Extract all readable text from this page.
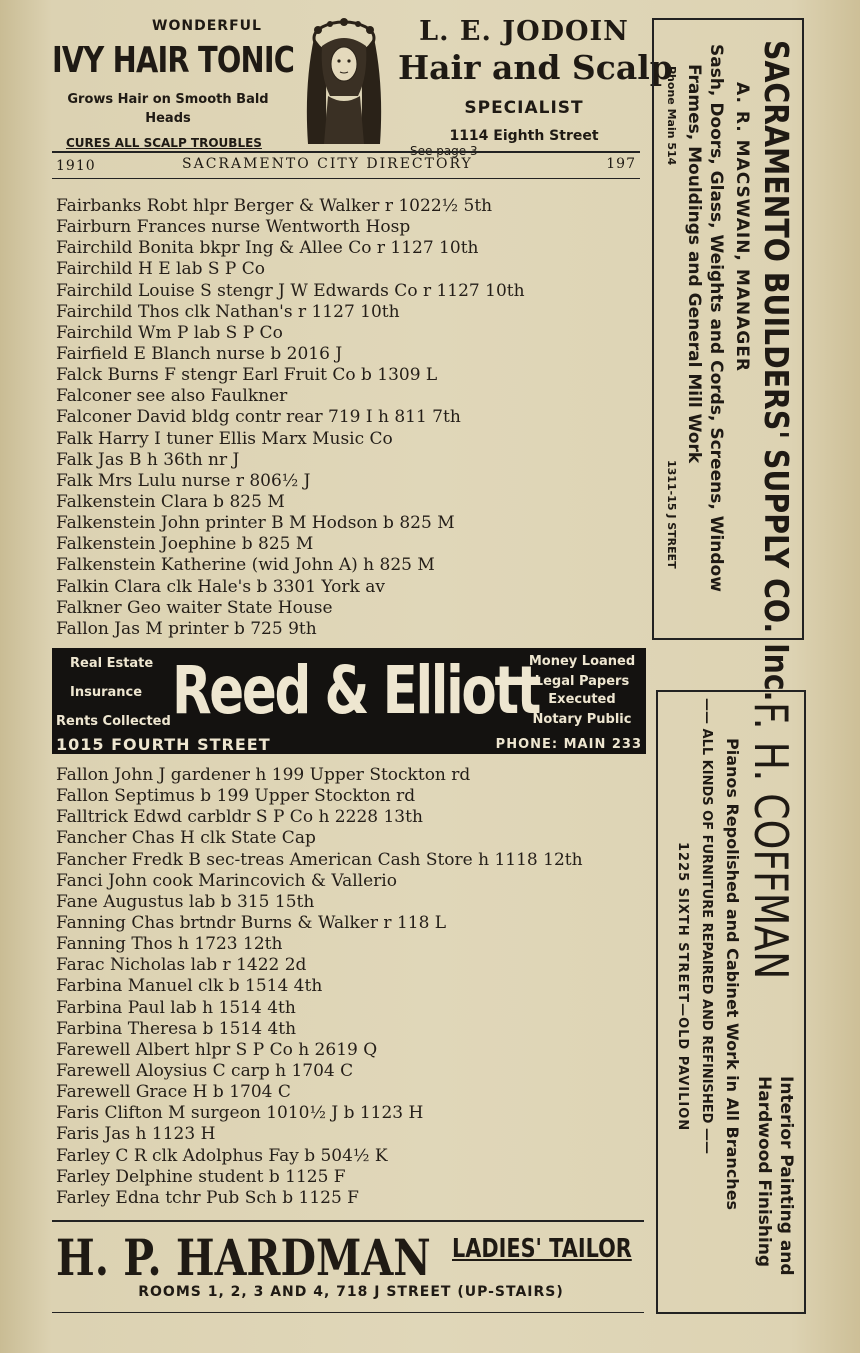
WONDERFUL
IVY HAIR TONIC
Grows Hair on Smooth Bald
Heads
CURES ALL SCALP TROUBLES
L. E. JODOIN
Hair and Scalp
SPECIALIST
1114 Eighth Street
1910	SACRAMENTO CITY DIRECTORY	197
Fairbanks Robt hlpr Berger & Walker r 1022½ 5th
Fairburn Frances nurse Wentworth Hosp
Fairchild Bonita bkpr Ing & Allee Co r 1127 10th
Fairchild H E lab S P Co
Fairchild Louise S stengr J W Edwards Co r 1127 10th
Fairchild Thos clk Nathan's r 1127 10th
Fairchild Wm P lab S P Co
Fairfield E Blanch nurse b 2016 J
Falck Burns F stengr Earl Fruit Co b 1309 L
Falconer see also Faulkner
Falconer David bldg contr rear 719 I h 811 7th
Falk Harry I tuner Ellis Marx Music Co
Falk Jas B h 36th nr J
Falk Mrs Lulu nurse r 806½ J
Falkenstein Clara b 825 M
Falkenstein John printer B M Hodson b 825 M
Falkenstein Joephine b 825 M
Falkenstein Katherine (wid John A) h 825 M
Falkin Clara clk Hale's b 3301 York av
Falkner Geo waiter State House
Fallon Jas M printer b 725 9th
Real Estate
Insurance
Rents Collected Reed & Elliott
Money Loaned
Legal Papers
Executed
Notary Public
1015 FOURTH STREET	PHONE: MAIN 233
Fallon John J gardener h 199 Upper Stockton rd
Fallon Septimus b 199 Upper Stockton rd
Falltrick Edwd carbldr S P Co h 2228 13th
Fancher Chas H clk State Cap
Fancher Fredk B sec-treas American Cash Store h 1118 12th
Fanci John cook Marincovich & Vallerio
Fane Augustus lab b 315 15th
Fanning Chas brtndr Burns & Walker r 118 L
Fanning Thos h 1723 12th
Farac Nicholas lab r 1422 2d
Farbina Manuel clk b 1514 4th
Farbina Paul lab h 1514 4th
Farbina Theresa b 1514 4th
Farewell Albert hlpr S P Co h 2619 Q
Farewell Aloysius C carp h 1704 C
Farewell Grace H b 1704 C
Faris Clifton M surgeon 1010½ J b 1123 H
Faris Jas h 1123 H
Farley C R clk Adolphus Fay b 504½ K
Farley Delphine student b 1125 F
Farley Edna tchr Pub Sch b 1125 F
H. P. HARDMAN LADIES' TAILOR
ROOMS 1, 2, 3 AND 4, 718 J STREET (UP-STAIRS)
SACRAMENTO BUILDERS' SUPPLY CO. Inc.
A. R. MACSWAIN, MANAGER
Sash, Doors, Glass, Weights and Cords, Screens, Window
Frames, Mouldings and General Mill Work
Phone Main 514
1311-15 J STREET
F. H. COFFMAN
Interior Painting and
Hardwood Finishing
Pianos Repolished and Cabinet Work in All Branches
—— ALL KINDS OF FURNITURE REPAIRED AND REFINISHED ——
1225 SIXTH STREET—OLD PAVILION
